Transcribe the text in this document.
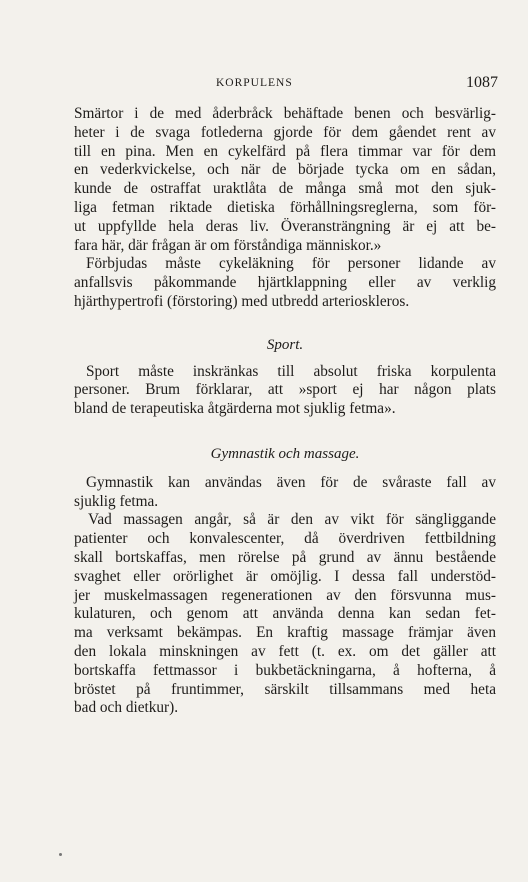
KORPULENS	1087
Smärtor i de med åderbråck behäftade benen och besvärlig-
heter i de svaga fotlederna gjorde för dem gåendet rent av
till en pina. Men en cykelfärd på flera timmar var för dem
en vederkvickelse, och när de började tycka om en sådan,
kunde de ostraffat uraktlåta de många små mot den sjuk-
liga fetman riktade dietiska förhållningsreglerna, som för-
ut uppfyllde hela deras liv. Överansträngning är ej att be-
fara här, där frågan är om förståndiga människor.»
Förbjudas måste cykeläkning för personer lidande av
anfallsvis påkommande hjärtklappning eller av verklig
hjärthypertrofi (förstoring) med utbredd arterioskleros.
Sport.
Sport måste inskränkas till absolut friska korpulenta
personer. Brum förklarar, att »sport ej har någon plats
bland de terapeutiska åtgärderna mot sjuklig fetma».
Gymnastik och massage.
Gymnastik kan användas även för de svåraste fall av
sjuklig fetma.
Vad massagen angår, så är den av vikt för sängliggande
patienter och konvalescenter, då överdriven fettbildning
skall bortskaffas, men rörelse på grund av ännu bestående
svaghet eller orörlighet är omöjlig. I dessa fall understöd-
jer muskelmassagen regenerationen av den försvunna mus-
kulaturen, och genom att använda denna kan sedan fet-
ma verksamt bekämpas. En kraftig massage främjar även
den lokala minskningen av fett (t. ex. om det gäller att
bortskaffa fettmassor i bukbetäckningarna, å hofterna, å
bröstet på fruntimmer, särskilt tillsammans med heta
bad och dietkur).
